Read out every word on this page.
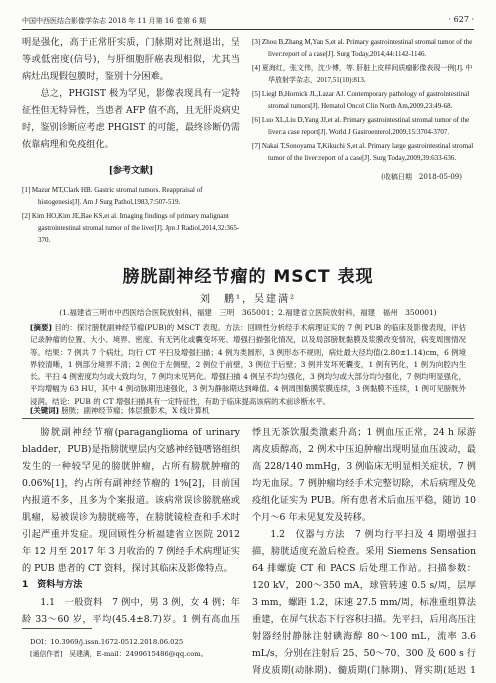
中国中西医结合影像学杂志 2018 年 11 月第 16 卷第 6 期	· 627 ·

明是强化，高于正常肝实质，门脉期对比剂退出，呈等或低密度(信号)，与肝细胞肝癌表现相似，尤其当病灶出现假包膜时，鉴别十分困难。

总之，PHGIST 极为罕见，影像表现具有一定特征性但无特异性，当患者 AFP 值不高，且无肝炎病史时，鉴别诊断应考虑 PHGIST 的可能，最终诊断仍需依靠病理和免疫组化。

[参考文献]

[1] Mazur MT,Clark HB. Gastric stromal tumors. Reappraisal of histogenesis[J]. Am J Surg Pathol,1983,7:507-519.

[2] Kim HO,Kim JE,Bae KS,et al. Imaging findings of primary malignant gastrointestinal stromal tumor of the liver[J]. Jpn J Radiol,2014,32:365-370.

[3] Zhou B,Zhang M,Yan S,et al. Primary gastrointestinal stromal tumor of the liver:report of a case[J]. Surg Today,2014,44:1142-1146.

[4] 夏海红，张文伟，沈少博，等. 肝脏上皮样间质瘤影像表现一例[J]. 中华放射学杂志，2017,51(10):813.

[5] Liegl B,Hornick JL,Lazar AJ. Contemporary pathology of gastrointestinal stromal tumors[J]. Hematol Oncol Clin North Am,2009,23:49-68.

[6] Luo XL,Liu D,Yang JJ,et al. Primary gastrointestinal stromal tumor of the liver:a case report[J]. World J Gastroenterol,2009,15:3704-3707.

[7] Nakai T,Sonoyama T,Kikuchi S,et al. Primary large gastrointestinal stromal tumor of the liver:report of a case[J]. Surg Today,2009,39:633-636.

(收稿日期　2018-05-09)

膀胱副神经节瘤的 MSCT 表现
刘　鹏¹，吴建满²
(1.福建省三明市中西医结合医院放射科，福建　三明　365001；2.福建省立医院放射科，福建　福州　350001)
[摘要] 目的：探讨膀胱副神经节瘤(PUB)的 MSCT 表现。方法：回顾性分析经手术病理证实的 7 例 PUB 的临床及影像表现，评估记录肿瘤的位置、大小、境界、密度、有无钙化或囊变坏死、增强扫描强化情况，以及局部膀胱黏膜及浆膜改变情况，病变周围情况等。结果：7 例共 7 个病灶，均行 CT 平扫及增强扫描；4 例为类圆形，3 例形态不规则，病灶最大径均值(2.80±1.14)cm，6 例境界较清晰，1 例部分境界不清；2 例位于左侧壁，2 例位于前壁，3 例位于后壁；3 例并发坏死囊变，1 例有钙化，1 例为向腔内生长。平扫 4 例密度均匀或大致均匀，7 例均未见钙化。增强扫描 4 例呈不均匀强化，3 例均匀或大部分均匀强化，7 例均明显强化，平均增幅为 63 HU，其中 4 例动脉期迅速强化，3 例为静脉期达到峰值。4 例周围黏膜浆膜连续，3 例黏膜不连续，1 例可见膀胱外浸润。结论：PUB 的 CT 增强扫描具有一定特征性，有助于临床提高该病的术前诊断水平。
[关键词] 膀胱；副神经节瘤；体层摄影术，X 线计算机

膀胱副神经节瘤(paraganglioma of urinary bladder，PUB)是指膀胱壁层内交感神经链嗜铬组织发生的一种较罕见的膀胱肿瘤，占所有膀胱肿瘤的 0.06%[1]，约占所有副神经节瘤的 1%[2]，目前国内报道不多，且多为个案报道。该病常误诊膀胱癌或肌瘤，易被误诊为膀胱癌等，在膀胱镜检查和手术时引起严重并发症。现回顾性分析福建省立医院 2012 年 12 月至 2017 年 3 月收治的 7 例经手术病理证实的 PUB 患者的 CT 资料，探讨其临床及影像特点。

1　资料与方法

1.1　一般资料　7 例中，男 3 例，女 4 例；年龄 33～60 岁，平均(45.4±8.7)岁。1 例有高血压

悸且无茶饮服类激素升高；1 例血压正常，24 h 尿游离皮质醇高，2 例术中压迫肿瘤出现明显血压波动，最高 228/140 mmHg，3 例临床无明显相关症状，7 例均无血尿。7 例肿瘤均经手术完整切除，术后病理及免疫组化证实为 PUB。所有患者术后血压平稳，随访 10 个月～6 年未见复发及转移。

1.2　仪器与方法　7 例均行平扫及 4 期增强扫描，膀胱适度充盈后检查。采用 Siemens Sensation 64 排螺旋 CT 和 PACS 后处理工作站。扫描参数：120 kV，200～350 mA，球管转速 0.5 s/周，层厚 3 mm，螺距 1.2，床速 27.5 mm/周，标准重组算法重建，在屏气状态下行容积扫描。先平扫，后用高压注射器经肘静脉注射碘海醇 80～100 mL，流率 3.6 mL/s，分别在注射后 25、50～70、300 及 600 s 行肾皮质期(动脉期)、髓质期(门脉期)、肾实期(延迟 1

DOI：10.3969/j.issn.1672-0512.2018.06.025
[通信作者]　吴建满，E-mail：2499615486@qq.com。
